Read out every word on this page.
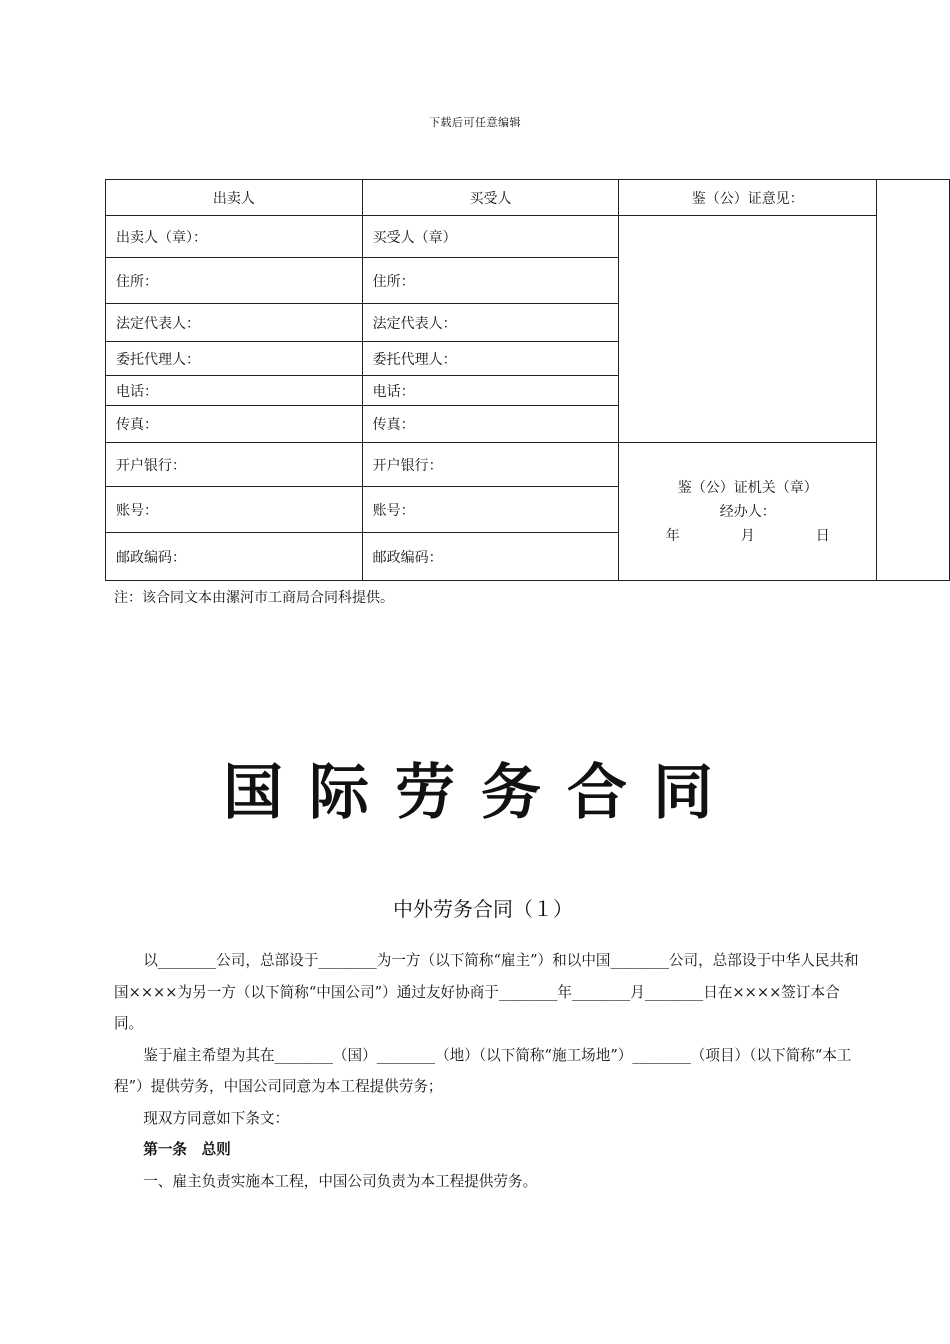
下载后可任意编辑
出卖人	买受人	鉴（公）证意见：	
出卖人（章）：	买受人（章）		
住所：	住所：		
法定代表人：	法定代表人：		
委托代理人：	委托代理人：		
电话：	电话：		
传真：	传真：		
开户银行：	开户银行：	鉴（公）证机关（章）
经办人：
年 月 日	

账号：	账号：		
邮政编码：	邮政编码：		
注：该合同文本由漯河市工商局合同科提供。
国际劳务合同
中外劳务合同（１）

以________公司，总部设于________为一方（以下简称“雇主”）和以中国________公司，总部设于中华人民共和国××××为另一方（以下简称“中国公司”）通过友好协商于________年________月________日在××××签订本合同。

鉴于雇主希望为其在________（国）________（地）（以下简称“施工场地”）________（项目）（以下简称“本工程”）提供劳务，中国公司同意为本工程提供劳务；

现双方同意如下条文：

第一条　总则

一、雇主负责实施本工程，中国公司负责为本工程提供劳务。
